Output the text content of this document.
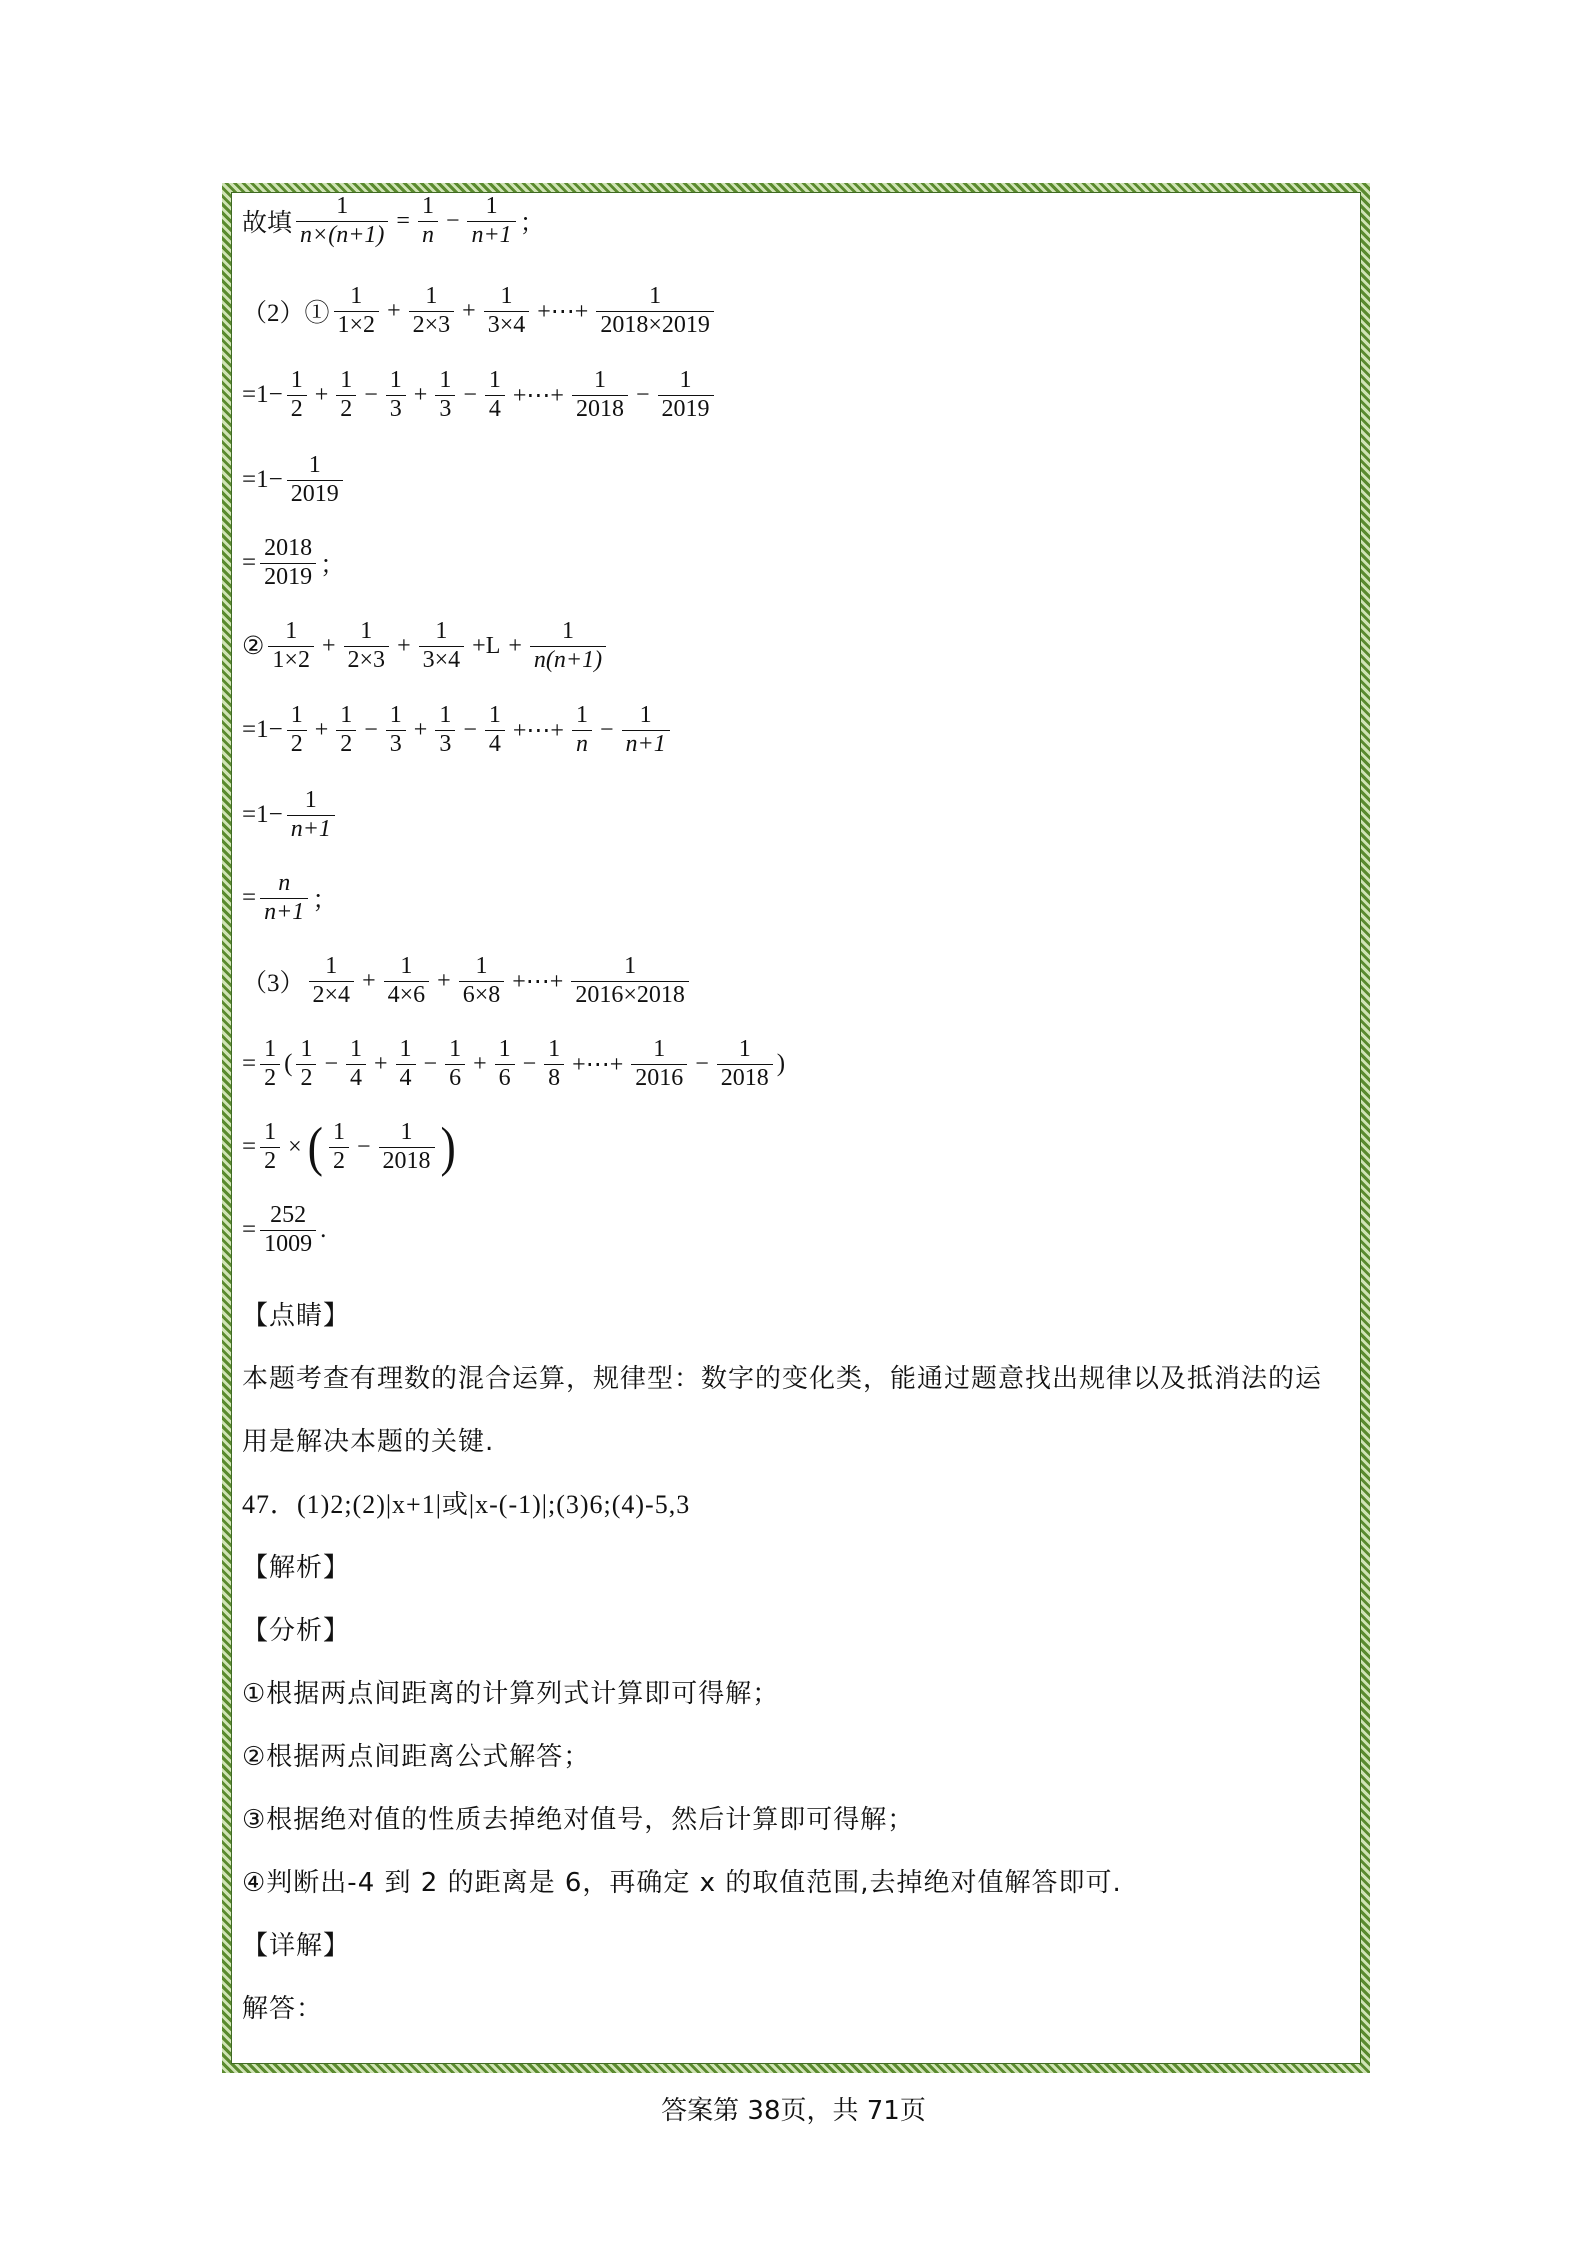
故填 $\frac{1}{n\times(n+1)} = \frac{1}{n} - \frac{1}{n+1}$ ；
（2）① $\frac{1}{1\times 2} + \frac{1}{2\times 3} + \frac{1}{3\times 4}$ +⋯+ $\frac{1}{2018\times 2019}$
$=1- \frac{1}{2} + \frac{1}{2} - \frac{1}{3} + \frac{1}{3} - \frac{1}{4}$ +⋯+ $\frac{1}{2018} - \frac{1}{2019}$
$=1- \frac{1}{2019}$
= $\frac{2018}{2019}$ ；
② $\frac{1}{1\times 2} + \frac{1}{2\times 3} + \frac{1}{3\times 4} +L + \frac{1}{n(n+1)}$
$=1- \frac{1}{2} + \frac{1}{2} - \frac{1}{3} + \frac{1}{3} - \frac{1}{4}$ +⋯+ $\frac{1}{n} - \frac{1}{n+1}$
$=1- \frac{1}{n+1}$
= $\frac{n}{n+1}$ ；
$(3) \frac{1}{2\times 4} + \frac{1}{4\times 6} + \frac{1}{6\times 8}$ +⋯+ $\frac{1}{2016\times 2018}$
= $\frac{1}{2}$ ( $\frac{1}{2} - \frac{1}{4} + \frac{1}{4} - \frac{1}{6} + \frac{1}{6} - \frac{1}{8}$ +⋯+ $\frac{1}{2016} - \frac{1}{2018}$ )
= $\frac{1}{2}$ × ( $\frac{1}{2} - \frac{1}{2018}$ )
= $\frac{252}{1009}$ .
【点睛】
本题考查有理数的混合运算，规律型：数字的变化类，能通过题意找出规律以及抵消法的运
用是解决本题的关键.
47．(1)2;(2)|x+1|或|x-(-1)|;(3)6;(4)-5,3
【解析】
【分析】
①根据两点间距离的计算列式计算即可得解；
②根据两点间距离公式解答；
③根据绝对值的性质去掉绝对值号，然后计算即可得解；
④判断出-4 到 2 的距离是 6，再确定 x 的取值范围,去掉绝对值解答即可.
【详解】
解答：
答案第 38页，共 71页
